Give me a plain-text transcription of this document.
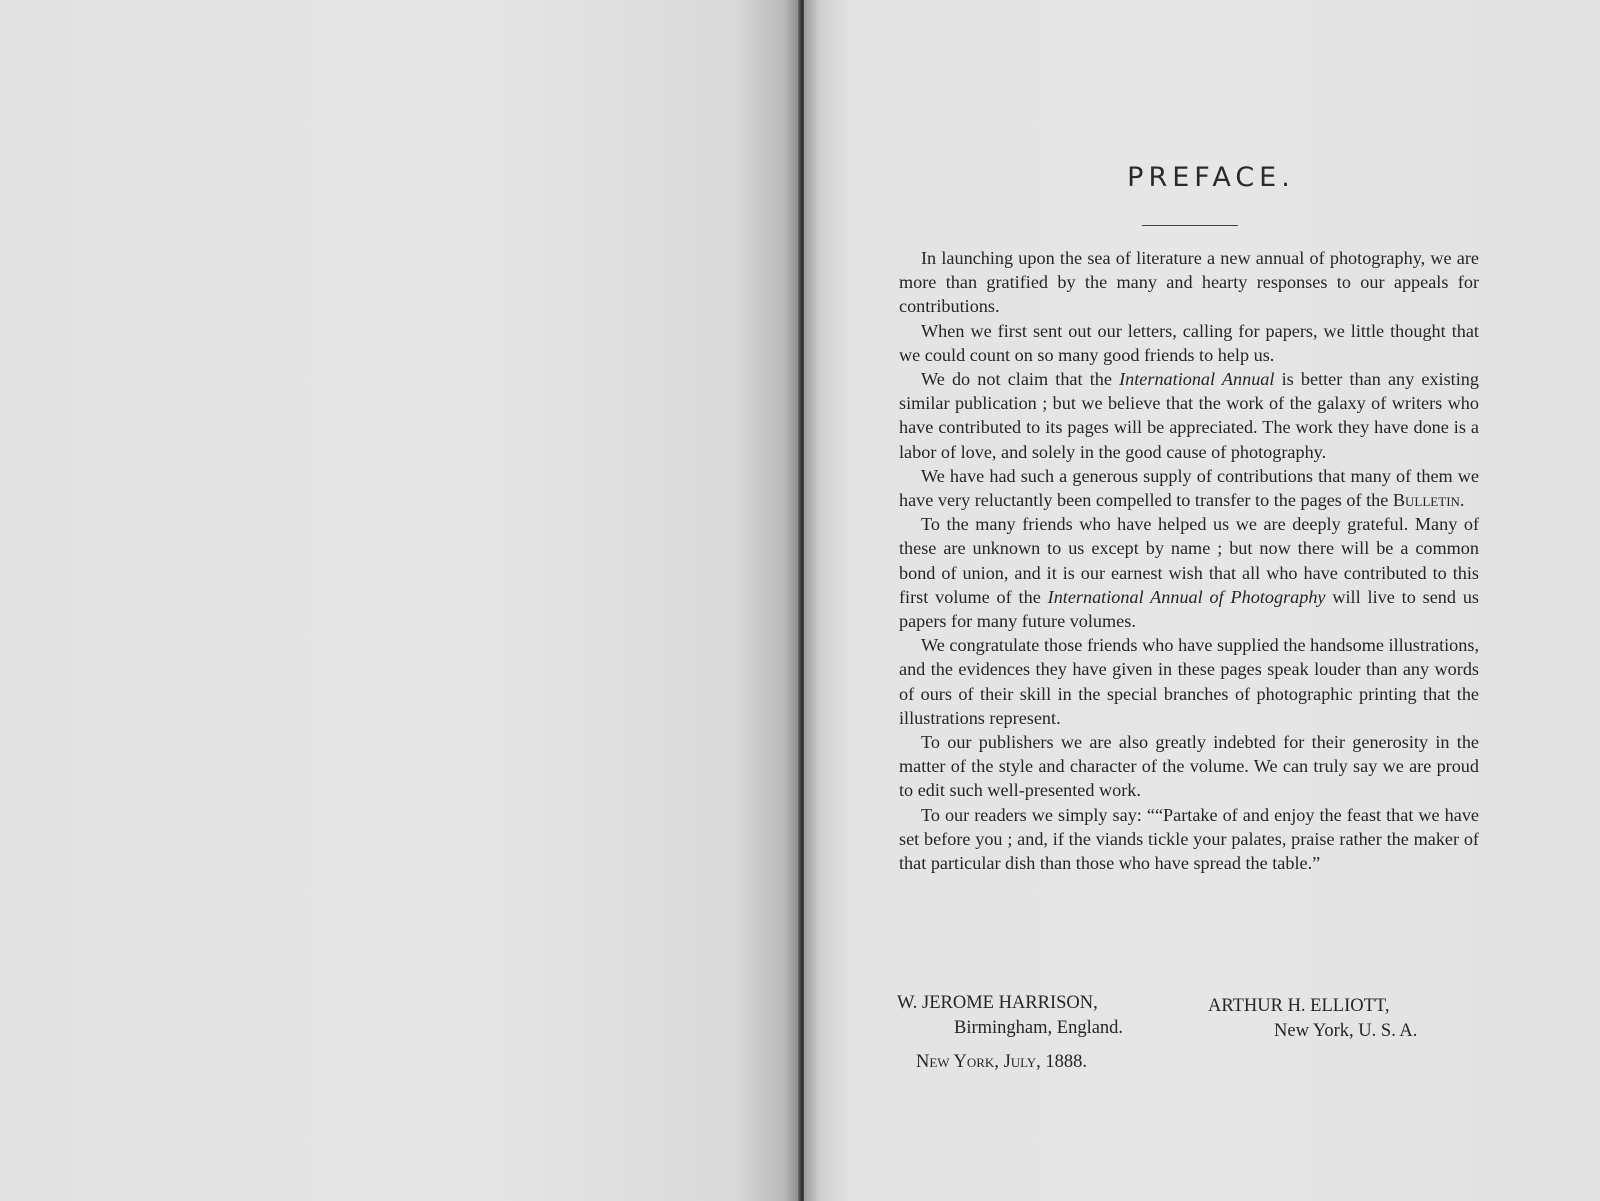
PREFACE.

In launching upon the sea of literature a new annual of photography, we are more than gratified by the many and hearty responses to our appeals for contributions.

When we first sent out our letters, calling for papers, we little thought that we could count on so many good friends to help us.

We do not claim that the International Annual is better than any existing similar publication ; but we believe that the work of the galaxy of writers who have contributed to its pages will be appreciated. The work they have done is a labor of love, and solely in the good cause of photography.

We have had such a generous supply of contributions that many of them we have very reluctantly been compelled to transfer to the pages of the Bulletin.

To the many friends who have helped us we are deeply grateful. Many of these are unknown to us except by name ; but now there will be a common bond of union, and it is our earnest wish that all who have contributed to this first volume of the International Annual of Photography will live to send us papers for many future volumes.

We congratulate those friends who have supplied the handsome illustrations, and the evidences they have given in these pages speak louder than any words of ours of their skill in the special branches of photographic printing that the illustrations represent.

To our publishers we are also greatly indebted for their generosity in the matter of the style and character of the volume. We can truly say we are proud to edit such well-presented work.

To our readers we simply say: ““Partake of and enjoy the feast that we have set before you ; and, if the viands tickle your palates, praise rather the maker of that particular dish than those who have spread the table.”

W. JEROME HARRISON,
Birmingham, England.
ARTHUR H. ELLIOTT,
New York, U. S. A.
New York, July, 1888.
